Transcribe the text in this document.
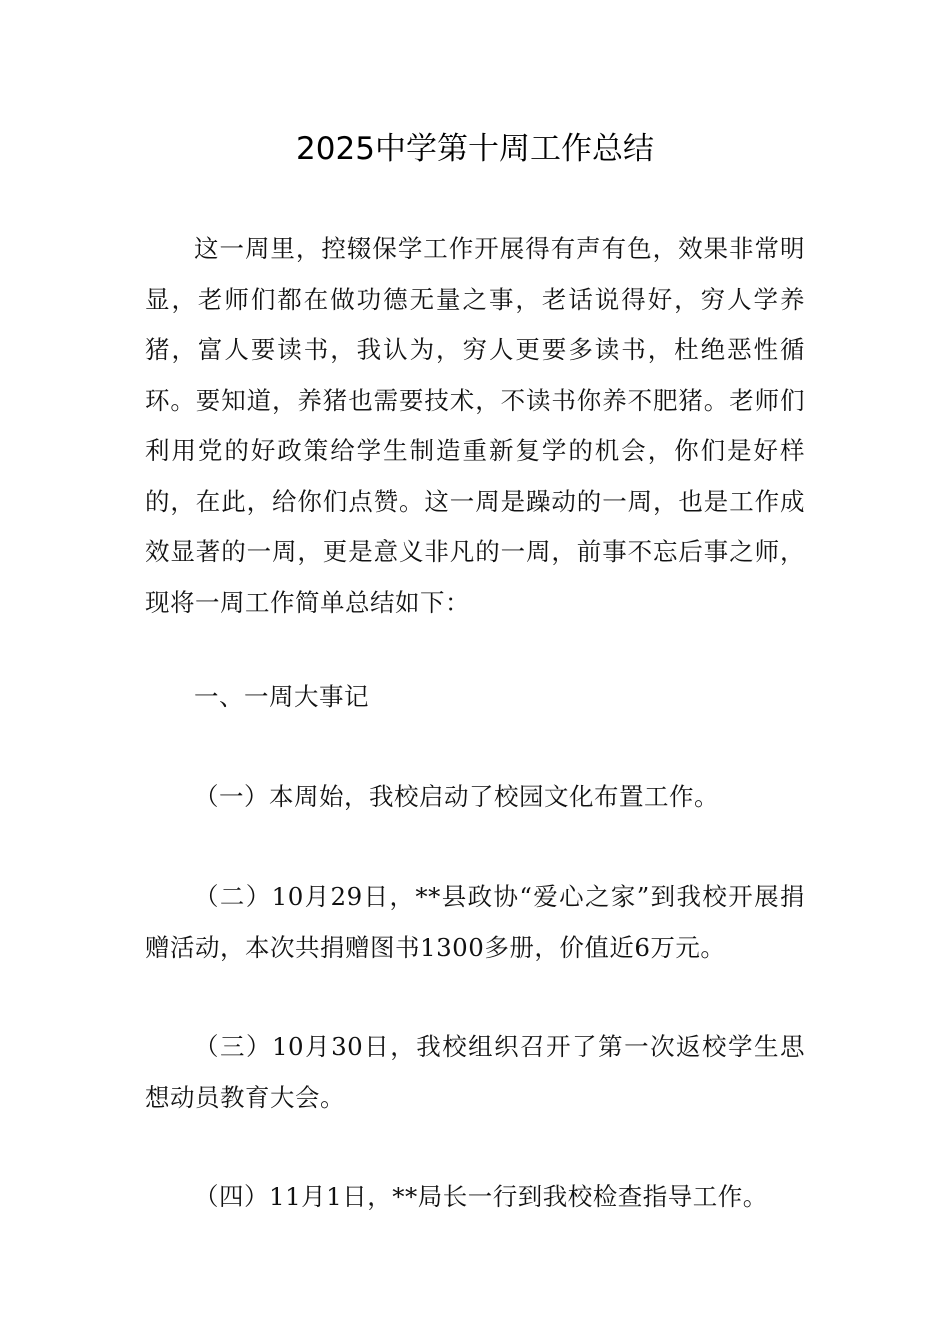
2025中学第十周工作总结

这一周里，控辍保学工作开展得有声有色，效果非常明显，老师们都在做功德无量之事，老话说得好，穷人学养猪，富人要读书，我认为，穷人更要多读书，杜绝恶性循环。要知道，养猪也需要技术，不读书你养不肥猪。老师们利用党的好政策给学生制造重新复学的机会，你们是好样的，在此，给你们点赞。这一周是躁动的一周，也是工作成效显著的一周，更是意义非凡的一周，前事不忘后事之师，现将一周工作简单总结如下：

一、一周大事记

（一）本周始，我校启动了校园文化布置工作。

（二）10月29日，**县政协“爱心之家”到我校开展捐赠活动，本次共捐赠图书1300多册，价值近6万元。

（三）10月30日，我校组织召开了第一次返校学生思想动员教育大会。

（四）11月1日，**局长一行到我校检查指导工作。
